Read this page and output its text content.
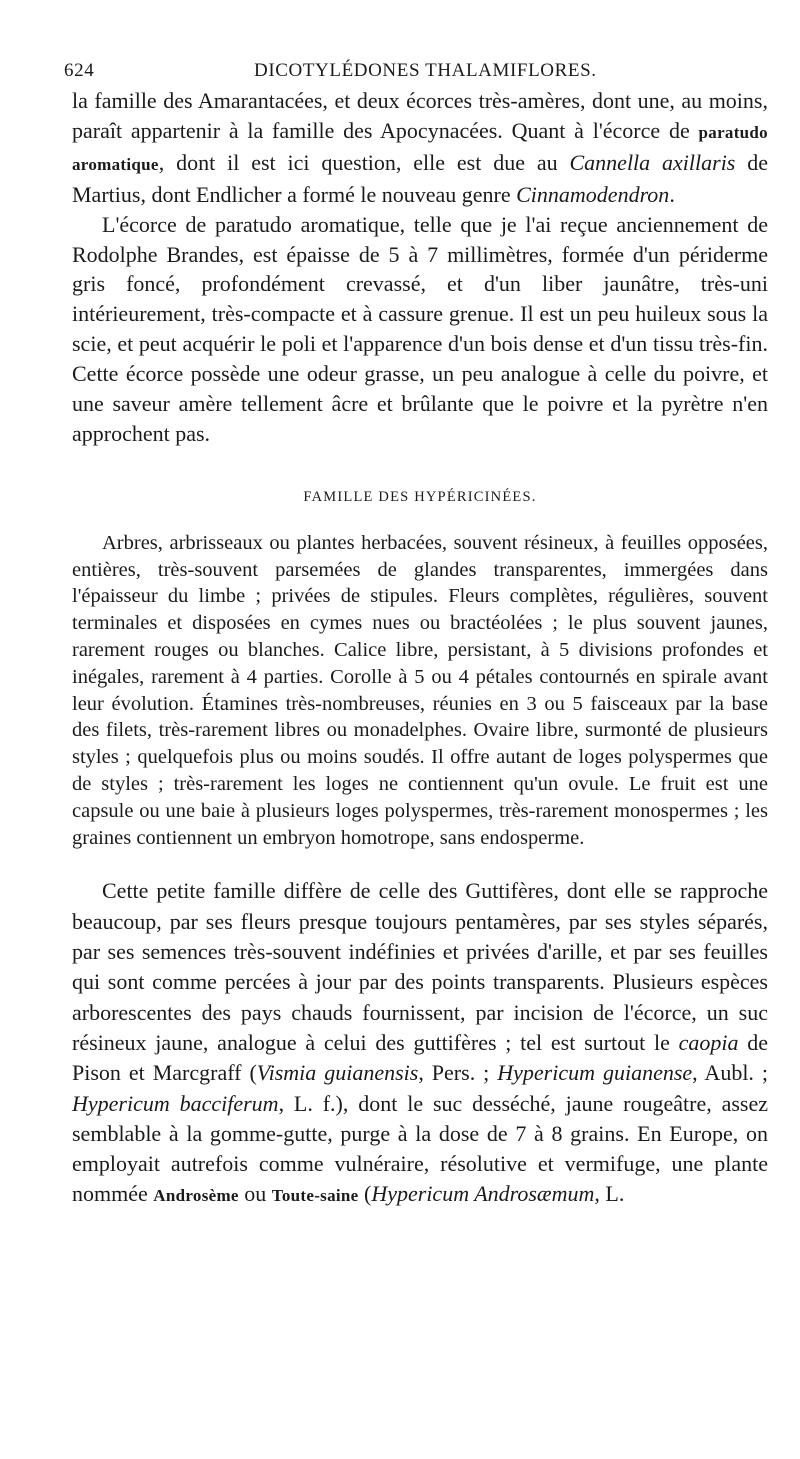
624	DICOTYLÉDONES THALAMIFLORES.

la famille des Amarantacées, et deux écorces très-amères, dont une, au moins, paraît appartenir à la famille des Apocynacées. Quant à l'écorce de paratudo aromatique, dont il est ici question, elle est due au Cannella axillaris de Martius, dont Endlicher a formé le nouveau genre Cinnamodendron.

L'écorce de paratudo aromatique, telle que je l'ai reçue anciennement de Rodolphe Brandes, est épaisse de 5 à 7 millimètres, formée d'un périderme gris foncé, profondément crevassé, et d'un liber jaunâtre, très-uni intérieurement, très-compacte et à cassure grenue. Il est un peu huileux sous la scie, et peut acquérir le poli et l'apparence d'un bois dense et d'un tissu très-fin. Cette écorce possède une odeur grasse, un peu analogue à celle du poivre, et une saveur amère tellement âcre et brûlante que le poivre et la pyrètre n'en approchent pas.

FAMILLE DES HYPÉRICINÉES.

Arbres, arbrisseaux ou plantes herbacées, souvent résineux, à feuilles opposées, entières, très-souvent parsemées de glandes transparentes, immergées dans l'épaisseur du limbe ; privées de stipules. Fleurs complètes, régulières, souvent terminales et disposées en cymes nues ou bractéolées ; le plus souvent jaunes, rarement rouges ou blanches. Calice libre, persistant, à 5 divisions profondes et inégales, rarement à 4 parties. Corolle à 5 ou 4 pétales contournés en spirale avant leur évolution. Étamines très-nombreuses, réunies en 3 ou 5 faisceaux par la base des filets, très-rarement libres ou monadelphes. Ovaire libre, surmonté de plusieurs styles ; quelquefois plus ou moins soudés. Il offre autant de loges polyspermes que de styles ; très-rarement les loges ne contiennent qu'un ovule. Le fruit est une capsule ou une baie à plusieurs loges polyspermes, très-rarement monospermes ; les graines contiennent un embryon homotrope, sans endosperme.

Cette petite famille diffère de celle des Guttifères, dont elle se rapproche beaucoup, par ses fleurs presque toujours pentamères, par ses styles séparés, par ses semences très-souvent indéfinies et privées d'arille, et par ses feuilles qui sont comme percées à jour par des points transparents. Plusieurs espèces arborescentes des pays chauds fournissent, par incision de l'écorce, un suc résineux jaune, analogue à celui des guttifères ; tel est surtout le caopia de Pison et Marcgraff (Vismia guianensis, Pers. ; Hypericum guianense, Aubl. ; Hypericum bacciferum, L. f.), dont le suc desséché, jaune rougeâtre, assez semblable à la gomme-gutte, purge à la dose de 7 à 8 grains. En Europe, on employait autrefois comme vulnéraire, résolutive et vermifuge, une plante nommée Androsème ou Toute-saine (Hypericum Androsæmum, L.
